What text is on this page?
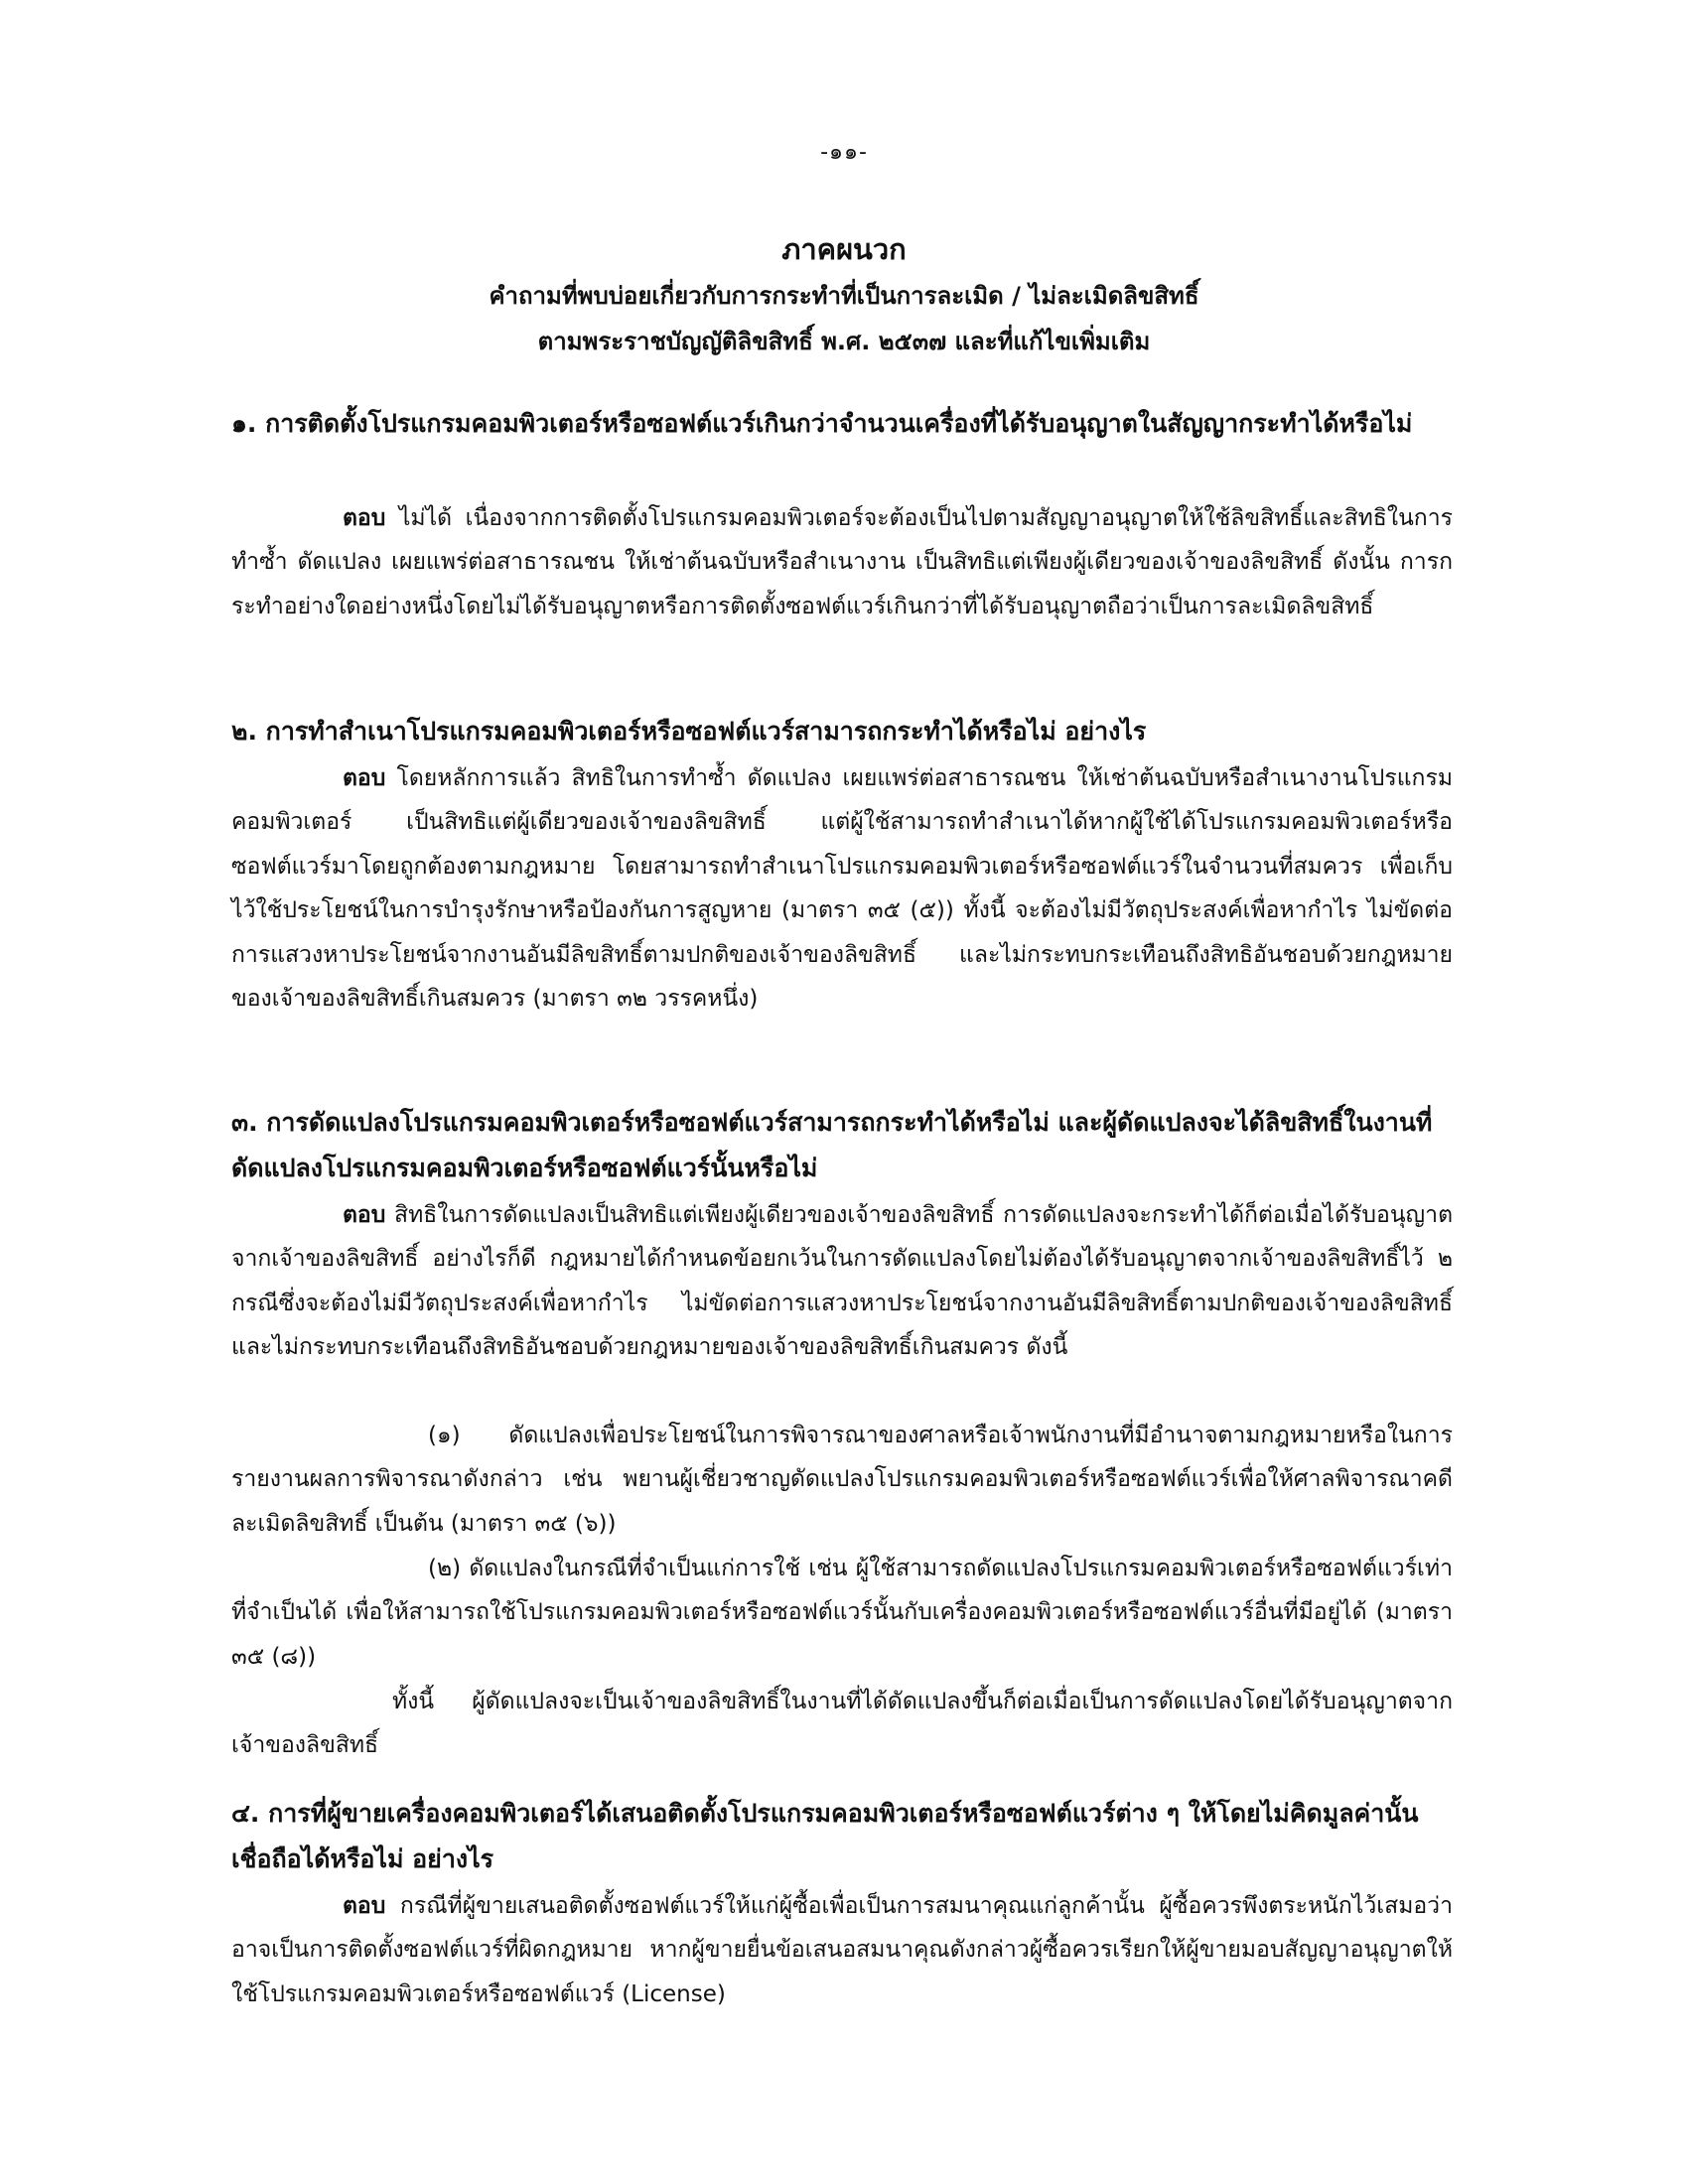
-๑๑-
ภาคผนวก
คำถามที่พบบ่อยเกี่ยวกับการกระทำที่เป็นการละเมิด / ไม่ละเมิดลิขสิทธิ์
ตามพระราชบัญญัติลิขสิทธิ์ พ.ศ. ๒๕๓๗ และที่แก้ไขเพิ่มเติม

๑. การติดตั้งโปรแกรมคอมพิวเตอร์หรือซอฟต์แวร์เกินกว่าจำนวนเครื่องที่ได้รับอนุญาตในสัญญากระทำได้หรือไม่

ตอบ ไม่ได้ เนื่องจากการติดตั้งโปรแกรมคอมพิวเตอร์จะต้องเป็นไปตามสัญญาอนุญาตให้ใช้ลิขสิทธิ์และสิทธิในการทำซ้ำ ดัดแปลง เผยแพร่ต่อสาธารณชน ให้เช่าต้นฉบับหรือสำเนางาน เป็นสิทธิแต่เพียงผู้เดียวของเจ้าของลิขสิทธิ์ ดังนั้น การกระทำอย่างใดอย่างหนึ่งโดยไม่ได้รับอนุญาตหรือการติดตั้งซอฟต์แวร์เกินกว่าที่ได้รับอนุญาตถือว่าเป็นการละเมิดลิขสิทธิ์

๒. การทำสำเนาโปรแกรมคอมพิวเตอร์หรือซอฟต์แวร์สามารถกระทำได้หรือไม่ อย่างไร

ตอบ โดยหลักการแล้ว สิทธิในการทำซ้ำ ดัดแปลง เผยแพร่ต่อสาธารณชน ให้เช่าต้นฉบับหรือสำเนางานโปรแกรมคอมพิวเตอร์ เป็นสิทธิแต่ผู้เดียวของเจ้าของลิขสิทธิ์ แต่ผู้ใช้สามารถทำสำเนาได้หากผู้ใช้ได้โปรแกรมคอมพิวเตอร์หรือซอฟต์แวร์มาโดยถูกต้องตามกฎหมาย โดยสามารถทำสำเนาโปรแกรมคอมพิวเตอร์หรือซอฟต์แวร์ในจำนวนที่สมควร เพื่อเก็บไว้ใช้ประโยชน์ในการบำรุงรักษาหรือป้องกันการสูญหาย (มาตรา ๓๕ (๕)) ทั้งนี้ จะต้องไม่มีวัตถุประสงค์เพื่อหากำไร ไม่ขัดต่อการแสวงหาประโยชน์จากงานอันมีลิขสิทธิ์ตามปกติของเจ้าของลิขสิทธิ์ และไม่กระทบกระเทือนถึงสิทธิอันชอบด้วยกฎหมายของเจ้าของลิขสิทธิ์เกินสมควร (มาตรา ๓๒ วรรคหนึ่ง)

๓. การดัดแปลงโปรแกรมคอมพิวเตอร์หรือซอฟต์แวร์สามารถกระทำได้หรือไม่ และผู้ดัดแปลงจะได้ลิขสิทธิ์ในงานที่ดัดแปลงโปรแกรมคอมพิวเตอร์หรือซอฟต์แวร์นั้นหรือไม่

ตอบ สิทธิในการดัดแปลงเป็นสิทธิแต่เพียงผู้เดียวของเจ้าของลิขสิทธิ์ การดัดแปลงจะกระทำได้ก็ต่อเมื่อได้รับอนุญาตจากเจ้าของลิขสิทธิ์ อย่างไรก็ดี กฎหมายได้กำหนดข้อยกเว้นในการดัดแปลงโดยไม่ต้องได้รับอนุญาตจากเจ้าของลิขสิทธิ์ไว้ ๒ กรณีซึ่งจะต้องไม่มีวัตถุประสงค์เพื่อหากำไร ไม่ขัดต่อการแสวงหาประโยชน์จากงานอันมีลิขสิทธิ์ตามปกติของเจ้าของลิขสิทธิ์ และไม่กระทบกระเทือนถึงสิทธิอันชอบด้วยกฎหมายของเจ้าของลิขสิทธิ์เกินสมควร ดังนี้

(๑) ดัดแปลงเพื่อประโยชน์ในการพิจารณาของศาลหรือเจ้าพนักงานที่มีอำนาจตามกฎหมายหรือในการรายงานผลการพิจารณาดังกล่าว เช่น พยานผู้เชี่ยวชาญดัดแปลงโปรแกรมคอมพิวเตอร์หรือซอฟต์แวร์เพื่อให้ศาลพิจารณาคดีละเมิดลิขสิทธิ์ เป็นต้น (มาตรา ๓๕ (๖))

(๒) ดัดแปลงในกรณีที่จำเป็นแก่การใช้ เช่น ผู้ใช้สามารถดัดแปลงโปรแกรมคอมพิวเตอร์หรือซอฟต์แวร์เท่าที่จำเป็นได้ เพื่อให้สามารถใช้โปรแกรมคอมพิวเตอร์หรือซอฟต์แวร์นั้นกับเครื่องคอมพิวเตอร์หรือซอฟต์แวร์อื่นที่มีอยู่ได้ (มาตรา ๓๕ (๘))

ทั้งนี้ ผู้ดัดแปลงจะเป็นเจ้าของลิขสิทธิ์ในงานที่ได้ดัดแปลงขึ้นก็ต่อเมื่อเป็นการดัดแปลงโดยได้รับอนุญาตจากเจ้าของลิขสิทธิ์

๔. การที่ผู้ขายเครื่องคอมพิวเตอร์ได้เสนอติดตั้งโปรแกรมคอมพิวเตอร์หรือซอฟต์แวร์ต่าง ๆ ให้โดยไม่คิดมูลค่านั้น เชื่อถือได้หรือไม่ อย่างไร

ตอบ กรณีที่ผู้ขายเสนอติดตั้งซอฟต์แวร์ให้แก่ผู้ซื้อเพื่อเป็นการสมนาคุณแก่ลูกค้านั้น ผู้ซื้อควรพึงตระหนักไว้เสมอว่า อาจเป็นการติดตั้งซอฟต์แวร์ที่ผิดกฎหมาย หากผู้ขายยื่นข้อเสนอสมนาคุณดังกล่าวผู้ซื้อควรเรียกให้ผู้ขายมอบสัญญาอนุญาตให้ใช้โปรแกรมคอมพิวเตอร์หรือซอฟต์แวร์ (License)
